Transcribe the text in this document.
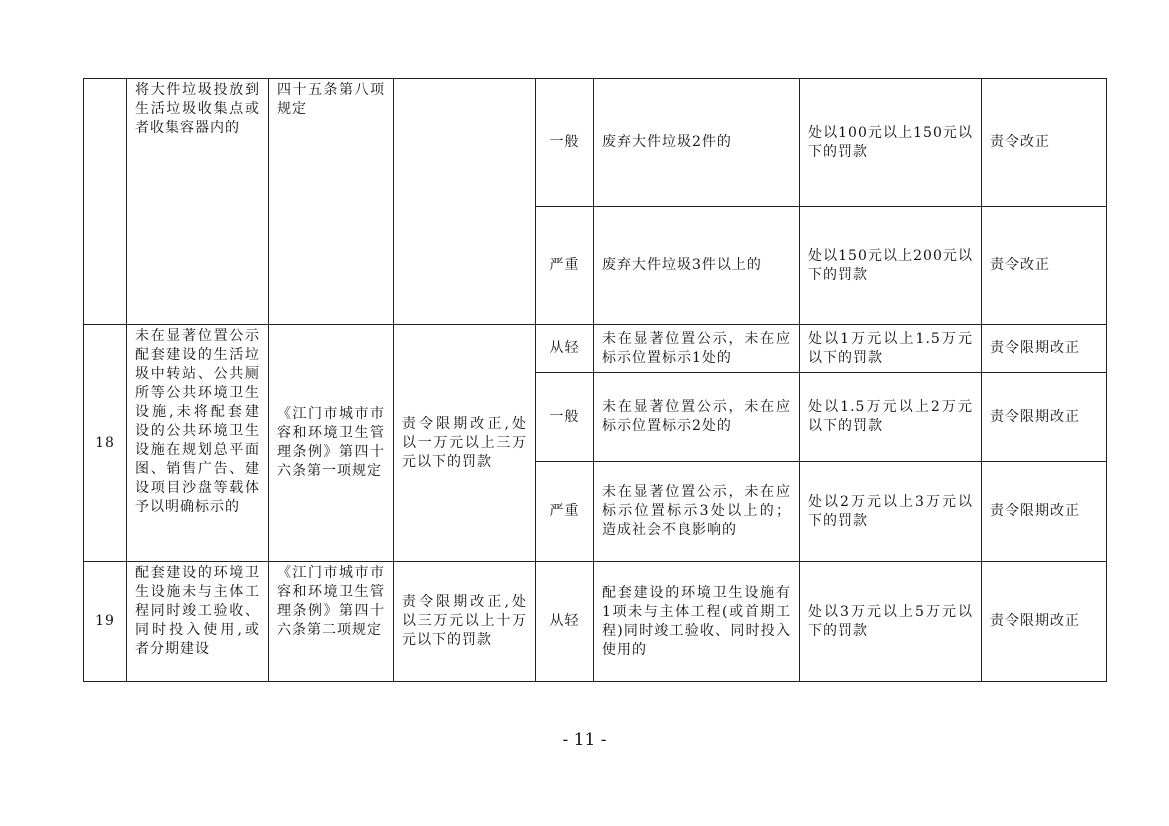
	将大件垃圾投放到生活垃圾收集点或者收集容器内的	四十五条第八项规定		一般	废弃大件垃圾2件的	处以100元以上150元以下的罚款	责令改正
				严重	废弃大件垃圾3件以上的	处以150元以上200元以下的罚款	责令改正
18	未在显著位置公示配套建设的生活垃圾中转站、公共厕所等公共环境卫生设施,未将配套建设的公共环境卫生设施在规划总平面图、销售广告、建设项目沙盘等载体予以明确标示的	《江门市城市市容和环境卫生管理条例》第四十六条第一项规定	责令限期改正,处以一万元以上三万元以下的罚款	从轻	未在显著位置公示，未在应标示位置标示1处的	处以1万元以上1.5万元以下的罚款	责令限期改正
				一般	未在显著位置公示，未在应标示位置标示2处的	处以1.5万元以上2万元以下的罚款	责令限期改正
				严重	未在显著位置公示，未在应标示位置标示3处以上的；造成社会不良影响的	处以2万元以上3万元以下的罚款	责令限期改正
19	配套建设的环境卫生设施未与主体工程同时竣工验收、同时投入使用,或者分期建设	《江门市城市市容和环境卫生管理条例》第四十六条第二项规定	责令限期改正,处以三万元以上十万元以下的罚款	从轻	配套建设的环境卫生设施有1项未与主体工程(或首期工程)同时竣工验收、同时投入使用的	处以3万元以上5万元以下的罚款	责令限期改正
- 11 -
